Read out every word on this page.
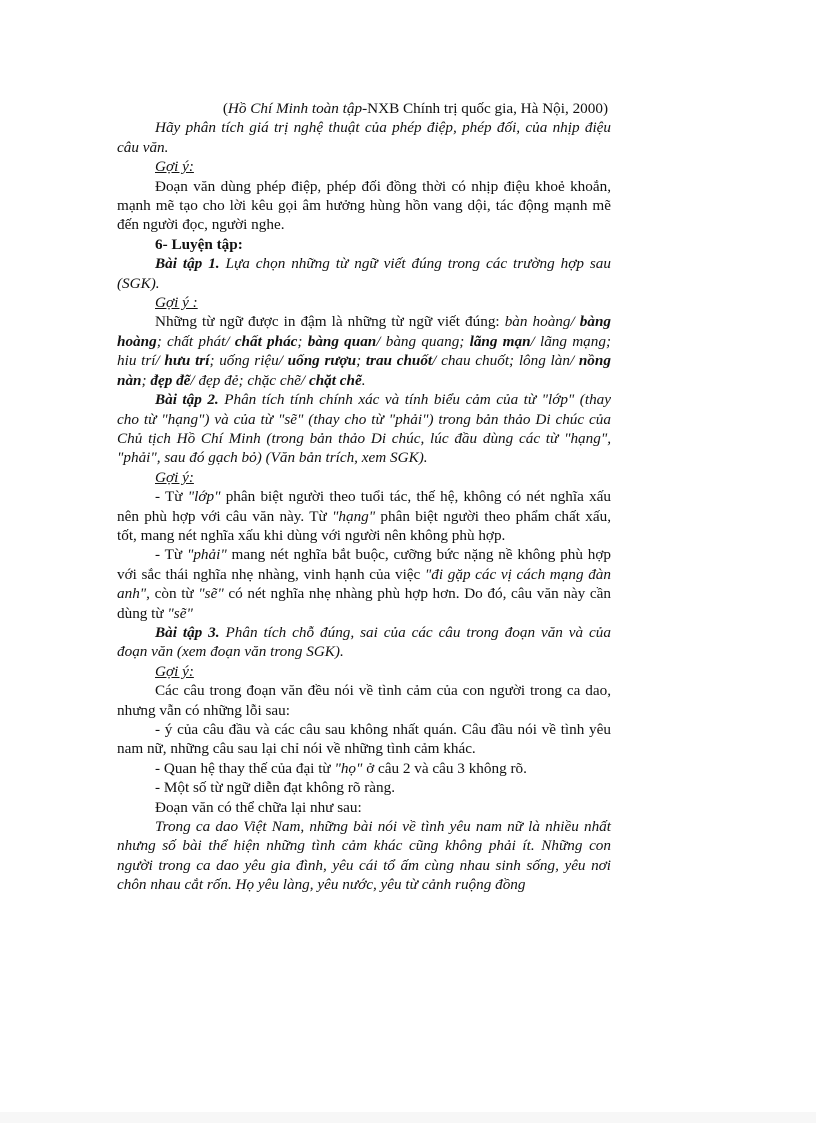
(Hồ Chí Minh toàn tập-NXB Chính trị quốc gia, Hà Nội, 2000)

Hãy phân tích giá trị nghệ thuật của phép điệp, phép đối, của nhịp điệu câu văn.

Gợi ý:

Đoạn văn dùng phép điệp, phép đối đồng thời có nhịp điệu khoẻ khoắn, mạnh mẽ tạo cho lời kêu gọi âm hưởng hùng hồn vang dội, tác động mạnh mẽ đến người đọc, người nghe.

6- Luyện tập:

Bài tập 1. Lựa chọn những từ ngữ viết đúng trong các trường hợp sau (SGK).

Gợi ý :

Những từ ngữ được in đậm là những từ ngữ viết đúng: bàn hoàng/ bàng hoàng; chất phát/ chất phác; bàng quan/ bàng quang; lãng mạn/ lãng mạng; hiu trí/ hưu trí; uống riệu/ uống rượu; trau chuốt/ chau chuốt; lông làn/ nồng nàn; đẹp đẽ/ đẹp đẻ; chặc chẽ/ chặt chẽ.

Bài tập 2. Phân tích tính chính xác và tính biểu cảm của từ "lớp" (thay cho từ "hạng") và của từ "sẽ" (thay cho từ "phải") trong bản thảo Di chúc của Chủ tịch Hồ Chí Minh (trong bản thảo Di chúc, lúc đầu dùng các từ "hạng", "phải", sau đó gạch bỏ) (Văn bản trích, xem SGK).

Gợi ý:

- Từ "lớp" phân biệt người theo tuổi tác, thế hệ, không có nét nghĩa xấu nên phù hợp với câu văn này. Từ "hạng" phân biệt người theo phẩm chất xấu, tốt, mang nét nghĩa xấu khi dùng với người nên không phù hợp.

- Từ "phải" mang nét nghĩa bắt buộc, cưỡng bức nặng nề không phù hợp với sắc thái nghĩa nhẹ nhàng, vinh hạnh của việc "đi gặp các vị cách mạng đàn anh", còn từ "sẽ" có nét nghĩa nhẹ nhàng phù hợp hơn. Do đó, câu văn này cần dùng từ "sẽ"

Bài tập 3. Phân tích chỗ đúng, sai của các câu trong đoạn văn và của đoạn văn (xem đoạn văn trong SGK).

Gợi ý:

Các câu trong đoạn văn đều nói về tình cảm của con người trong ca dao, nhưng vẫn có những lỗi sau:

- ý của câu đầu và các câu sau không nhất quán. Câu đầu nói về tình yêu nam nữ, những câu sau lại chỉ nói về những tình cảm khác.

- Quan hệ thay thế của đại từ "họ" ở câu 2 và câu 3 không rõ.

- Một số từ ngữ diễn đạt không rõ ràng.

Đoạn văn có thể chữa lại như sau:

Trong ca dao Việt Nam, những bài nói về tình yêu nam nữ là nhiều nhất nhưng số bài thể hiện những tình cảm khác cũng không phải ít. Những con người trong ca dao yêu gia đình, yêu cái tổ ấm cùng nhau sinh sống, yêu nơi chôn nhau cắt rốn. Họ yêu làng, yêu nước, yêu từ cảnh ruộng đồng
